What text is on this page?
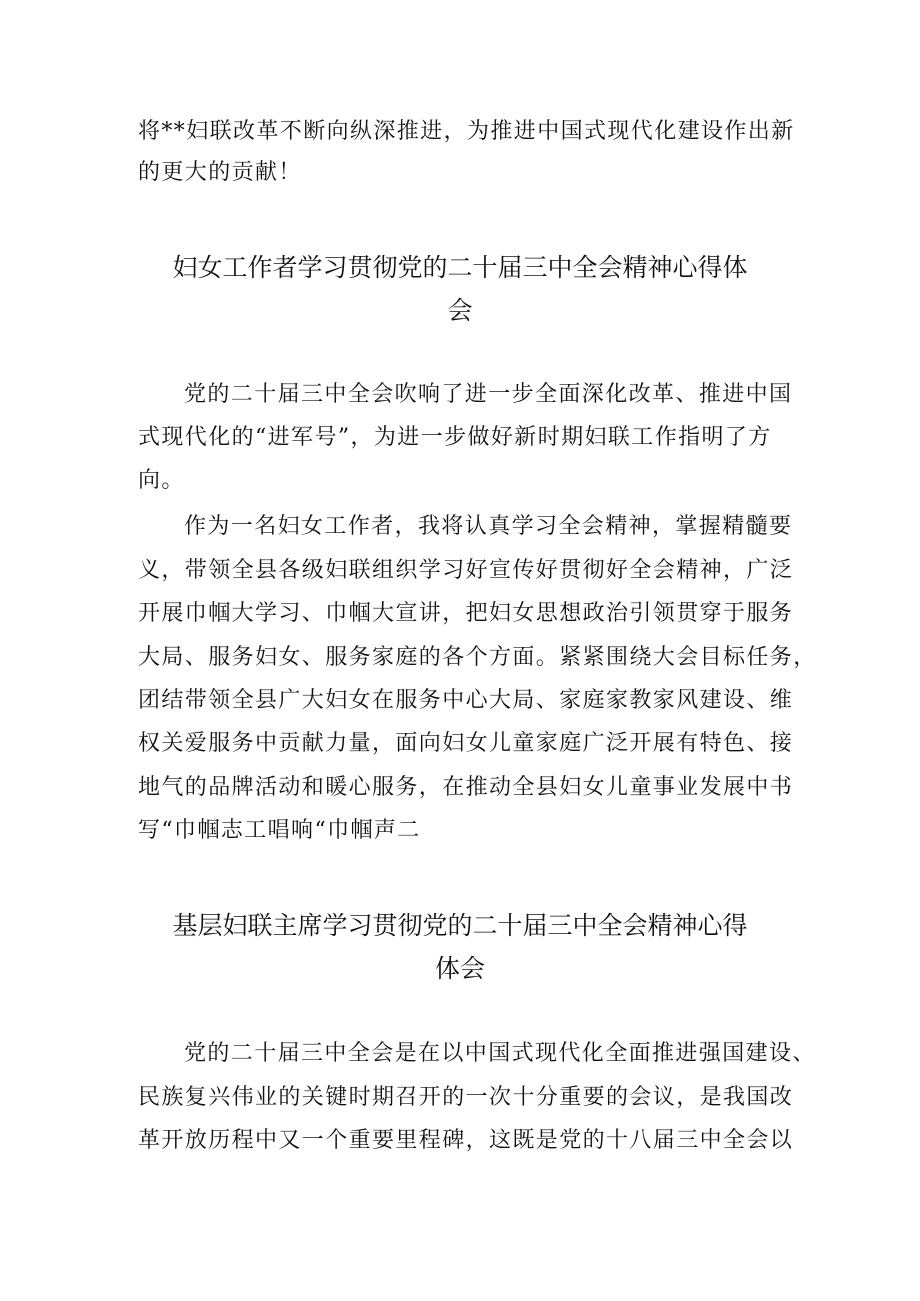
将**妇联改革不断向纵深推进，为推进中国式现代化建设作出新
的更大的贡献！
妇女工作者学习贯彻党的二十届三中全会精神心得体
会
党的二十届三中全会吹响了进一步全面深化改革、推进中国
式现代化的“进军号”，为进一步做好新时期妇联工作指明了方
向。
作为一名妇女工作者，我将认真学习全会精神，掌握精髓要
义，带领全县各级妇联组织学习好宣传好贯彻好全会精神，广泛
开展巾帼大学习、巾帼大宣讲，把妇女思想政治引领贯穿于服务
大局、服务妇女、服务家庭的各个方面。紧紧围绕大会目标任务，
团结带领全县广大妇女在服务中心大局、家庭家教家风建设、维
权关爱服务中贡献力量，面向妇女儿童家庭广泛开展有特色、接
地气的品牌活动和暖心服务，在推动全县妇女儿童事业发展中书
写“巾帼志工唱响“巾帼声二
基层妇联主席学习贯彻党的二十届三中全会精神心得
体会
党的二十届三中全会是在以中国式现代化全面推进强国建设、
民族复兴伟业的关键时期召开的一次十分重要的会议，是我国改
革开放历程中又一个重要里程碑，这既是党的十八届三中全会以
